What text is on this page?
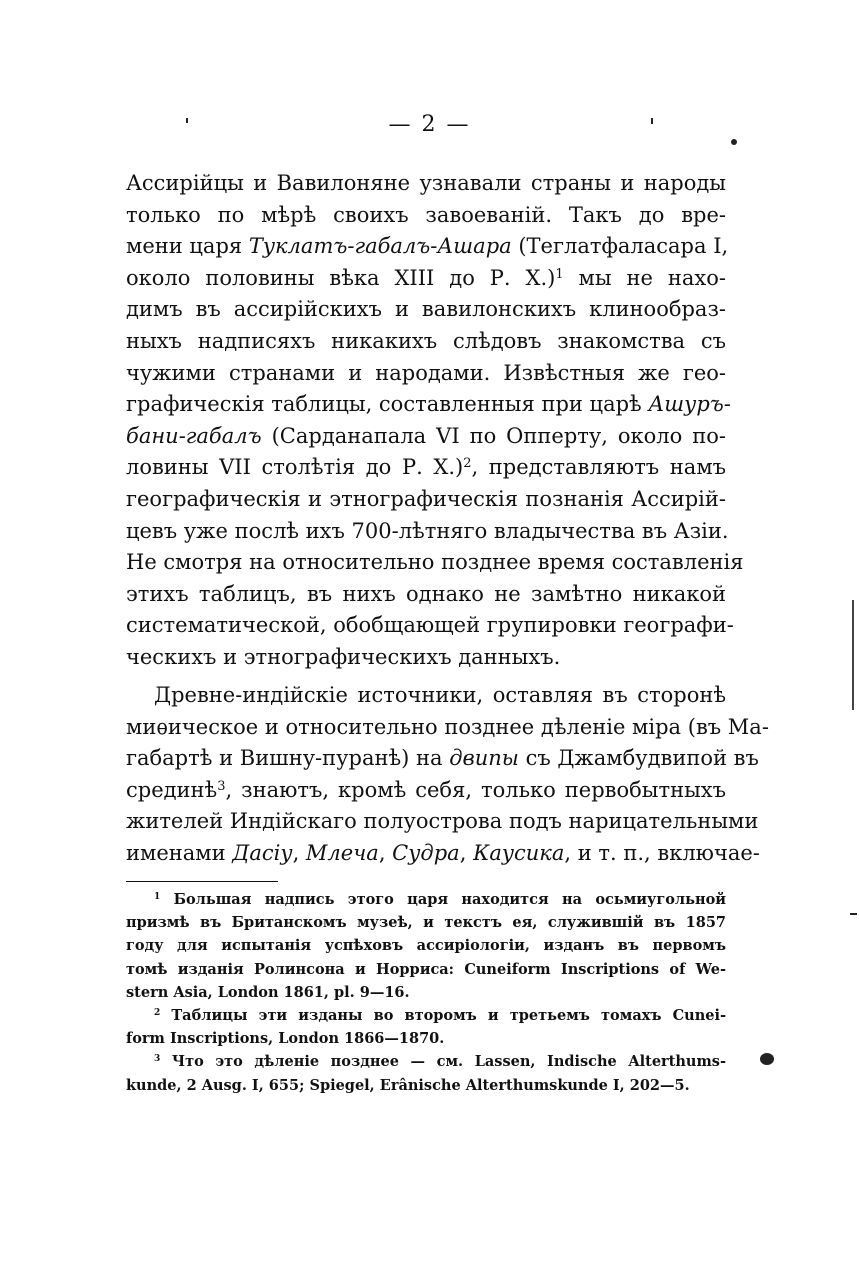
— 2 —
Ассирійцы и Вавилоняне узнавали страны и народы
только по мѣрѣ своихъ завоеваній. Такъ до вре-
мени царя Туклатъ-габалъ-Ашара (Теглатфаласара I,
около половины вѣка XIII до Р. Х.)$^1$ мы не нахо-
димъ въ ассирійскихъ и вавилонскихъ клинообраз-
ныхъ надписяхъ никакихъ слѣдовъ знакомства съ
чужими странами и народами. Извѣстныя же гео-
графическія таблицы, составленныя при царѣ Ашуръ-
бани-габалъ (Сарданапала VI по Опперту, около по-
ловины VII столѣтія до Р. Х.)$^2$, представляютъ намъ
географическія и этнографическія познанія Ассирій-
цевъ уже послѣ ихъ 700-лѣтняго владычества въ Азіи.
Не смотря на относительно позднее время составленія
этихъ таблицъ, въ нихъ однако не замѣтно никакой
систематической, обобщающей групировки географи-
ческихъ и этнографическихъ данныхъ.
Древне-индійскіе источники, оставляя въ сторонѣ
миѳическое и относительно позднее дѣленіе міра (въ Ма-
габартѣ и Вишну-пуранѣ) на двипы съ Джамбудвипой въ
срединѣ$^3$, знаютъ, кромѣ себя, только первобытныхъ
жителей Индійскаго полуострова подъ нарицательными
именами Дасіу, Млеча, Судра, Каусика, и т. п., включае-
$^1$ Большая надпись этого царя находится на осьмиугольной
призмѣ въ Британскомъ музеѣ, и текстъ ея, служившій въ 1857
году для испытанія успѣховъ ассиріологіи, изданъ въ первомъ
томѣ изданія Ролинсона и Норриса: Cuneiform Inscriptions of We-
stern Asia, London 1861, pl. 9—16.
$^2$ Таблицы эти изданы во второмъ и третьемъ томахъ Cunei-
form Inscriptions, London 1866—1870.
$^3$ Что это дѣленіе позднее — см. Lassen, Indische Alterthums-
kunde, 2 Ausg. I, 655; Spiegel, Erânische Alterthumskunde I, 202—5.
